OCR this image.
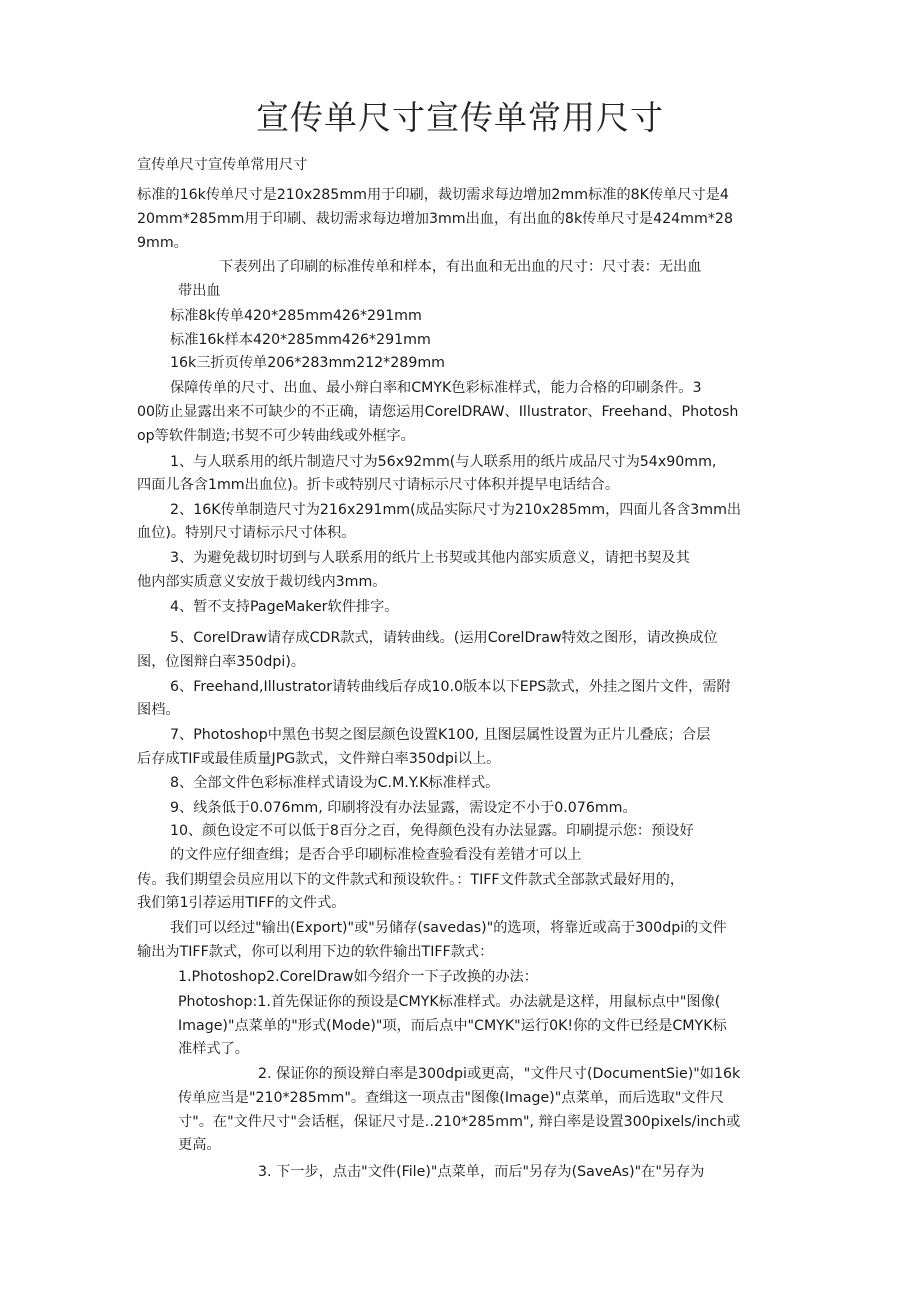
宣传单尺寸宣传单常用尺寸
宣传单尺寸宣传单常用尺寸
标准的16k传单尺寸是210x285mm用于印刷，裁切需求每边增加2mm标准的8K传单尺寸是4
20mm*285mm用于印刷、裁切需求每边增加3mm出血，有出血的8k传单尺寸是424mm*28
9mm。
下表列出了印刷的标准传单和样本，有出血和无出血的尺寸：尺寸表：无出血
带出血
标准8k传单420*285mm426*291mm
标准16k样本420*285mm426*291mm
16k三折页传单206*283mm212*289mm
保障传单的尺寸、出血、最小辩白率和CMYK色彩标准样式，能力合格的印刷条件。3
00防止显露出来不可缺少的不正确，请您运用CorelDRAW、Illustrator、Freehand、Photosh
op等软件制造;书契不可少转曲线或外框字。
1、与人联系用的纸片制造尺寸为56x92mm(与人联系用的纸片成品尺寸为54x90mm,
四面儿各含1mm出血位)。折卡或特别尺寸请标示尺寸体积并提早电话结合。
2、16K传单制造尺寸为216x291mm(成品实际尺寸为210x285mm，四面儿各含3mm出
血位)。特别尺寸请标示尺寸体积。
3、为避免裁切时切到与人联系用的纸片上书契或其他内部实质意义，请把书契及其
他内部实质意义安放于裁切线内3mm。
4、暂不支持PageMaker软件排字。
5、CorelDraw请存成CDR款式，请转曲线。(运用CorelDraw特效之图形，请改换成位
图，位图辩白率350dpi)。
6、Freehand,Illustrator请转曲线后存成10.0版本以下EPS款式，外挂之图片文件，需附
图档。
7、Photoshop中黑色书契之图层颜色设置K100, 且图层属性设置为正片儿叠底；合层
后存成TIF或最佳质量JPG款式，文件辩白率350dpi以上。
8、全部文件色彩标准样式请设为C.M.Y.K标准样式。
9、线条低于0.076mm, 印刷将没有办法显露，需设定不小于0.076mm。
10、颜色设定不可以低于8百分之百，免得颜色没有办法显露。印刷提示您：预设好
的文件应仔细查缉；是否合乎印刷标准检查验看没有差错才可以上
传。我们期望会员应用以下的文件款式和预设软件。：TIFF文件款式全部款式最好用的，
我们第1引荐运用TIFF的文件式。
我们可以经过"输出(Export)"或"另储存(savedas)"的选项，将靠近或高于300dpi的文件
输出为TIFF款式，你可以利用下边的软件输出TIFF款式：
1.Photoshop2.CorelDraw如今绍介一下子改换的办法：
Photoshop:1.首先保证你的预设是CMYK标准样式。办法就是这样，用鼠标点中"图像(
Image)"点菜单的"形式(Mode)"项，而后点中"CMYK"运行0K!你的文件已经是CMYK标
准样式了。
2. 保证你的预设辩白率是300dpi或更高，"文件尺寸(DocumentSie)"如16k
传单应当是"210*285mm"。查缉这一项点击"图像(Image)"点菜单，而后选取"文件尺
寸"。在"文件尺寸"会话框，保证尺寸是‥210*285mm", 辩白率是设置300pixels/inch或
更高。
3. 下一步，点击"文件(File)"点菜单，而后"另存为(SaveAs)"在"另存为
